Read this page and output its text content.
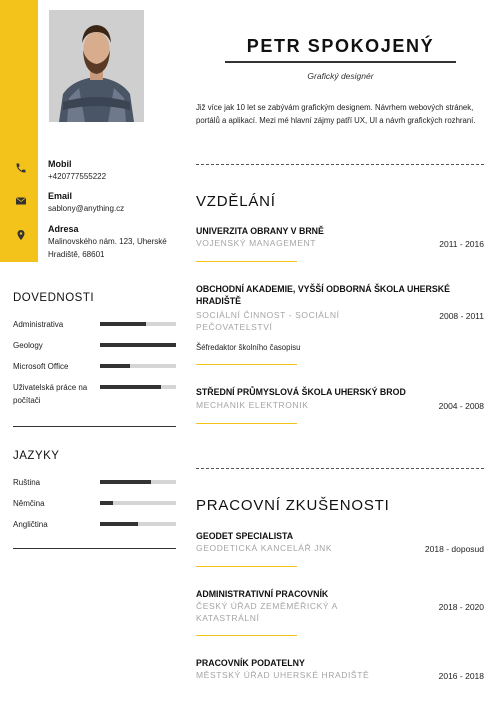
Mobil
+420777555222
Email
sablony@anything.cz
Adresa
Malinovského nám. 123, Uherské Hradiště, 68601
DOVEDNOSTI
Administrativa
Geology
Microsoft Office
Uživatelská práce na počítači
JAZYKY
Ruština
Němčina
Angličtina
PETR SPOKOJENÝ
Grafický designér
Již více jak 10 let se zabývám grafickým designem. Návrhem webových stránek, portálů a aplikací. Mezi mé hlavní zájmy patří UX, UI a návrh grafických rozhraní.
VZDĚLÁNÍ
UNIVERZITA OBRANY V BRNĚ
VOJENSKÝ MANAGEMENT	2011 - 2016
OBCHODNÍ AKADEMIE, VYŠŠÍ ODBORNÁ ŠKOLA UHERSKÉ HRADIŠTĚ
SOCIÁLNÍ ČINNOST - SOCIÁLNÍ PEČOVATELSTVÍ
2008 - 2011
Šéfredaktor školního časopisu
STŘEDNÍ PRŮMYSLOVÁ ŠKOLA UHERSKÝ BROD
MECHANIK ELEKTRONIK	2004 - 2008
PRACOVNÍ ZKUŠENOSTI
GEODET SPECIALISTA
GEODETICKÁ KANCELÁŘ JNK	2018 - doposud
ADMINISTRATIVNÍ PRACOVNÍK
ČESKÝ ÚŘAD ZEMĚMĚŘICKÝ A KATASTRÁLNÍ
2018 - 2020
PRACOVNÍK PODATELNY
MĚSTSKÝ ÚŘAD UHERSKÉ HRADIŠTĚ	2016 - 2018
